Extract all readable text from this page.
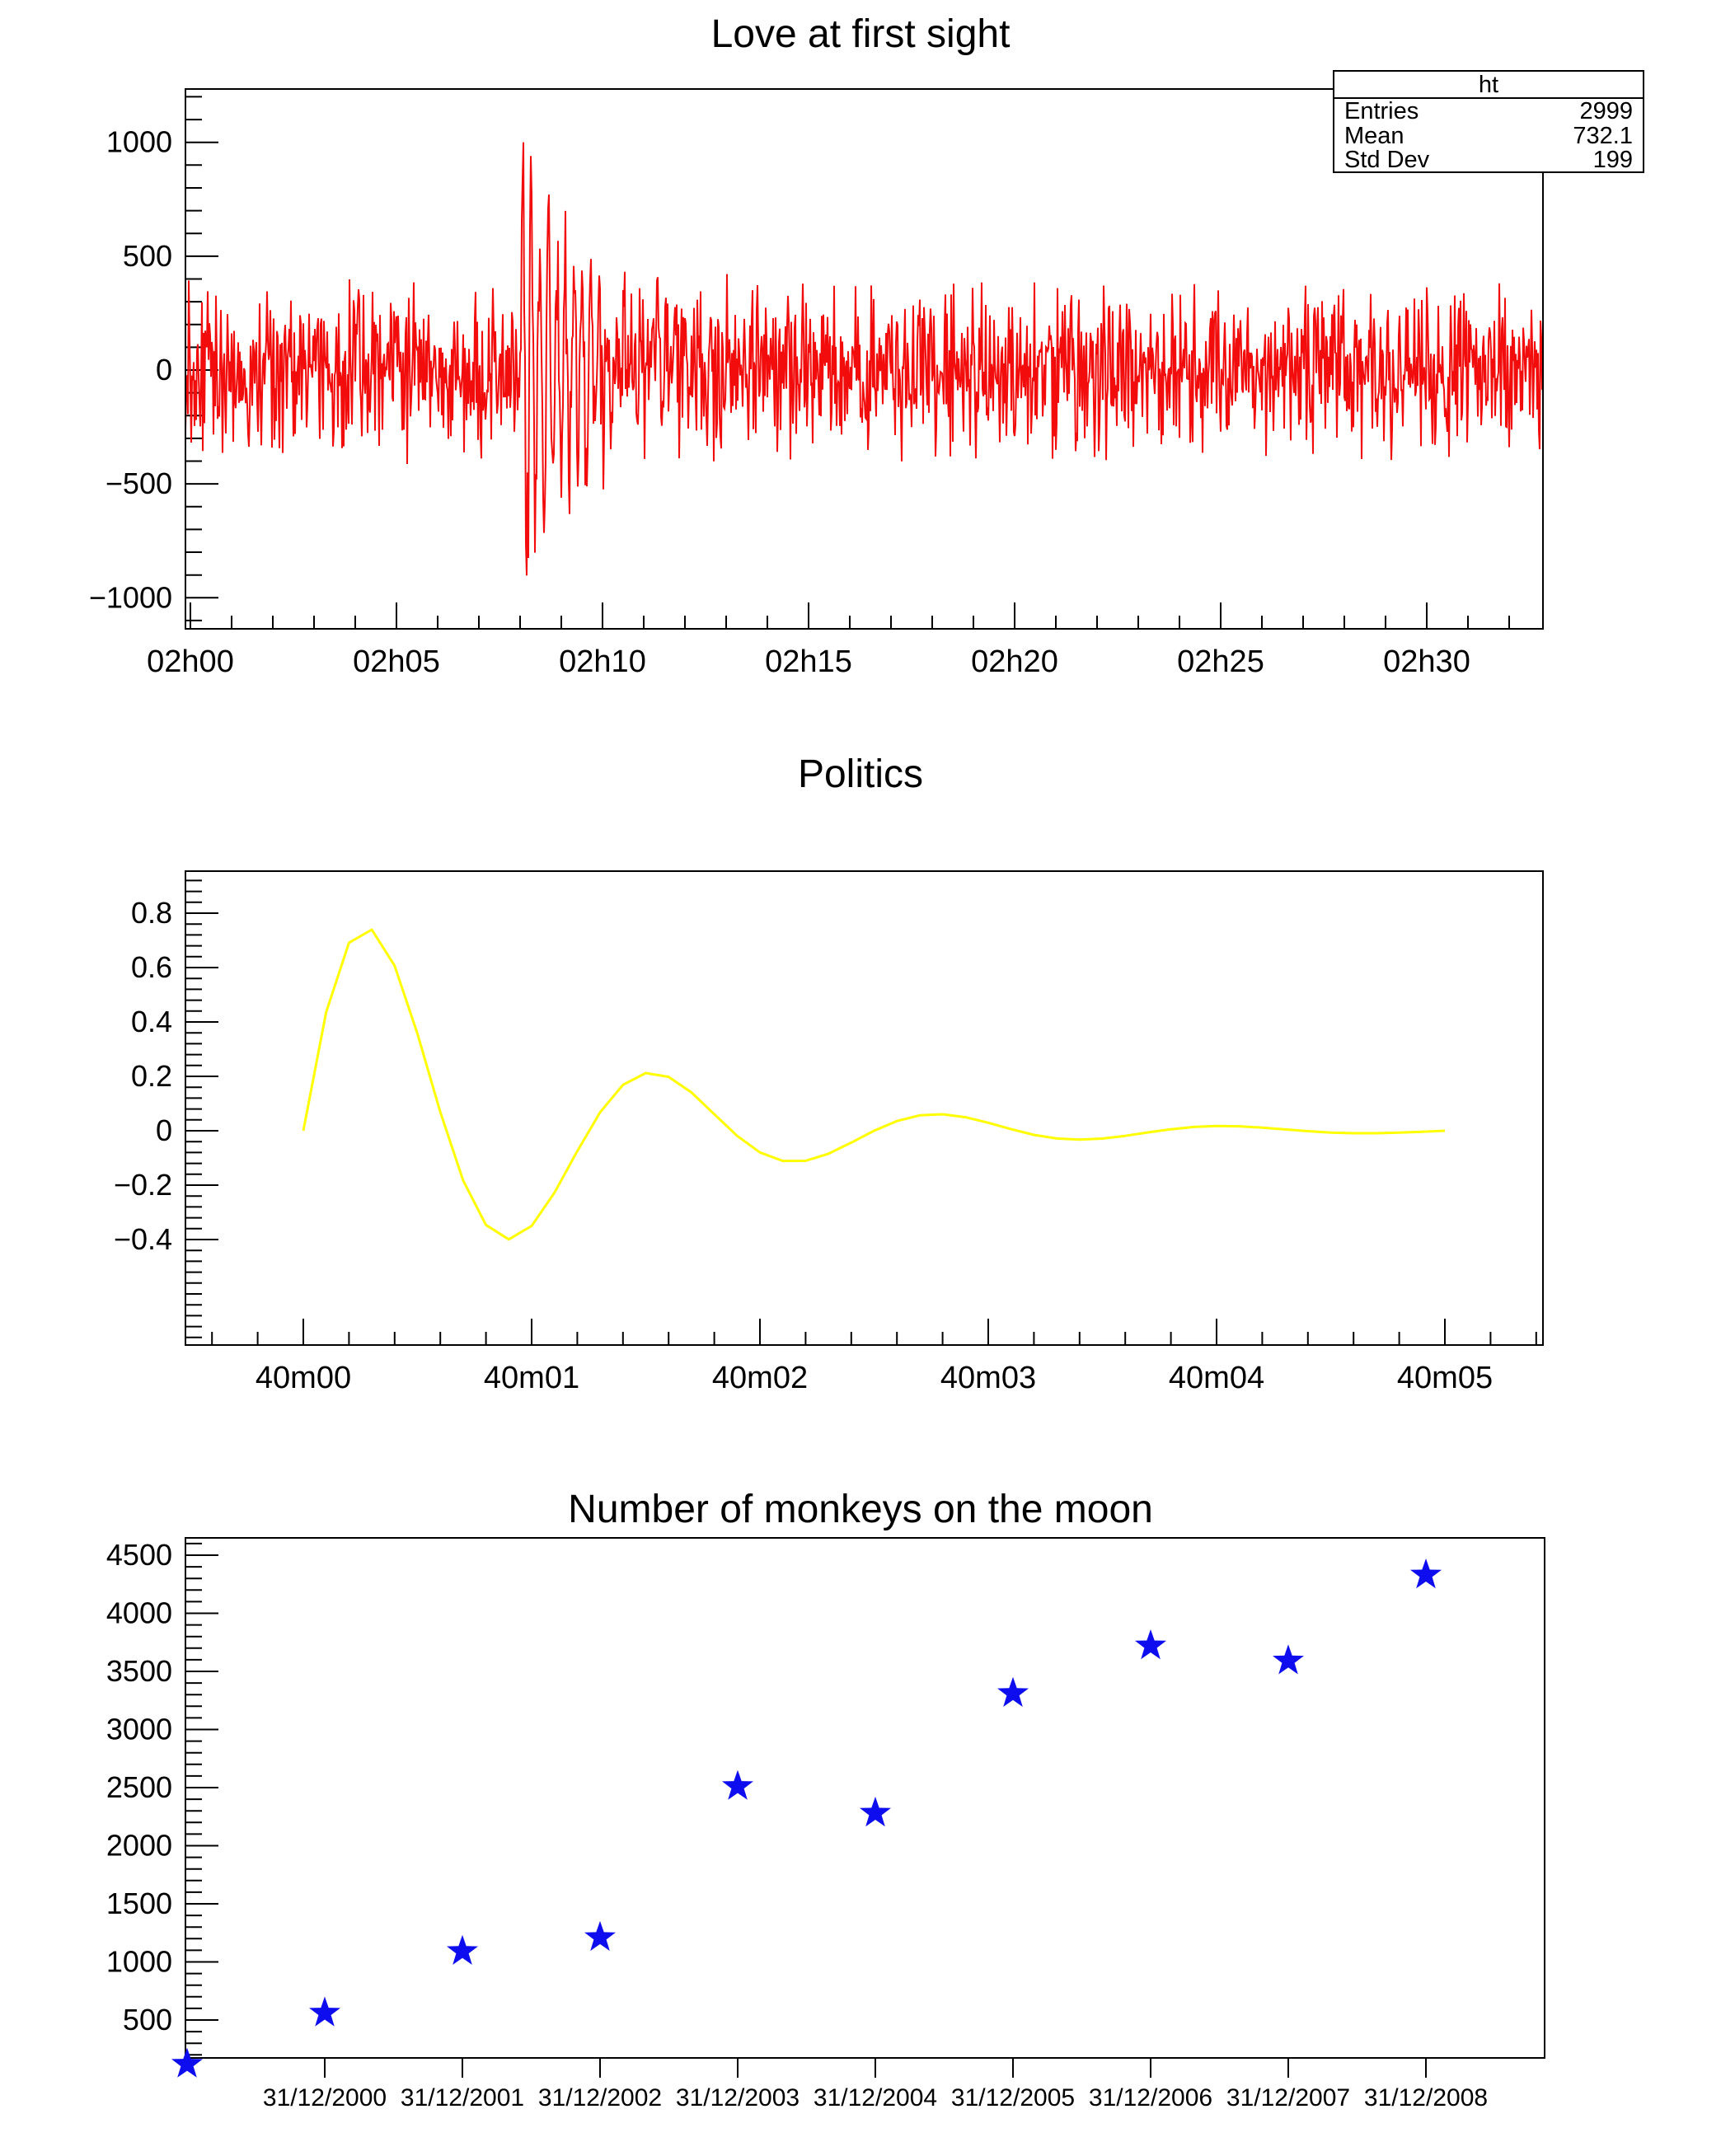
−1000
−500
0
500
1000
02h00	02h05	02h10	02h15	02h20	02h25	02h30
−0.4
−0.2
0
0.2
0.4
0.6
0.8
40m00	40m01	40m02	40m03	40m04	40m05
500
1000
1500
2000
2500
3000
3500
4000
4500
31/12/2000 31/12/2001 31/12/2002 31/12/2003 31/12/2004 31/12/2005 31/12/2006 31/12/2007 31/12/2008
Love at first sight
Politics
Number of monkeys on the moon
ht
Entries	2999
Mean	732.1
Std Dev	199
